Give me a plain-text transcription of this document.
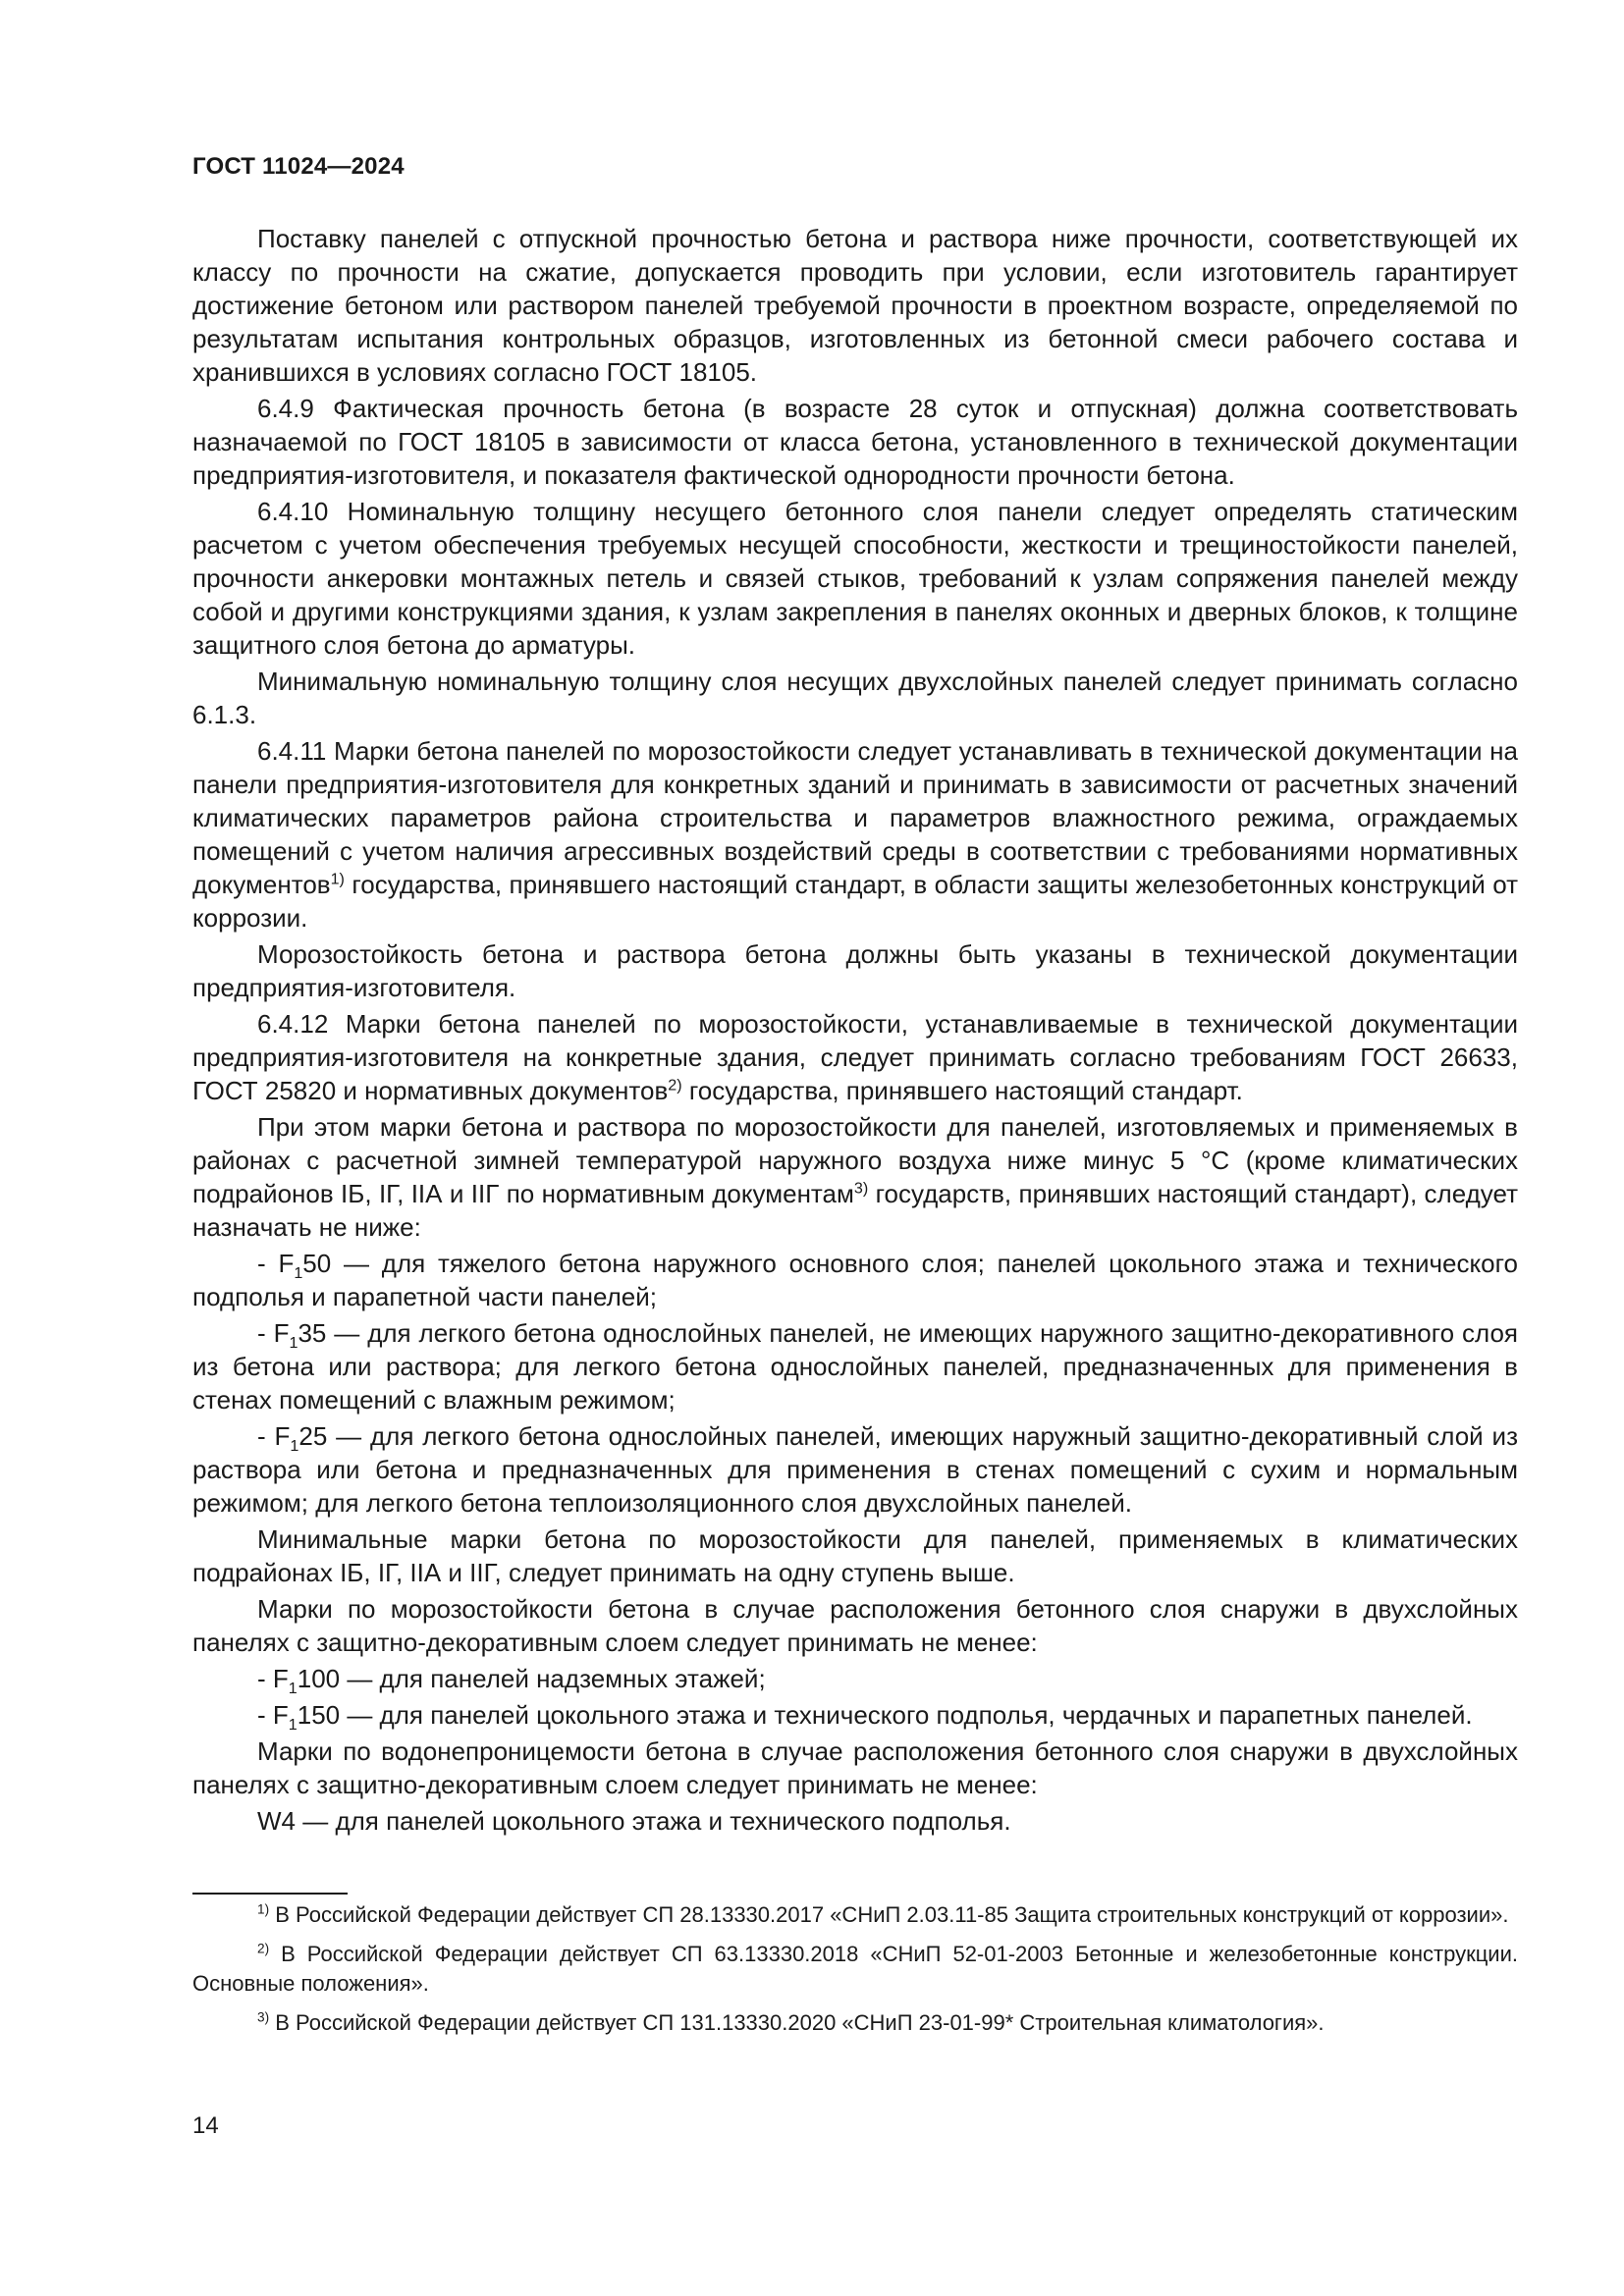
ГОСТ 11024—2024

Поставку панелей с отпускной прочностью бетона и раствора ниже прочности, соответствующей их классу по прочности на сжатие, допускается проводить при условии, если изготовитель гарантирует достижение бетоном или раствором панелей требуемой прочности в проектном возрасте, определяемой по результатам испытания контрольных образцов, изготовленных из бетонной смеси рабочего состава и хранившихся в условиях согласно ГОСТ 18105.

6.4.9 Фактическая прочность бетона (в возрасте 28 суток и отпускная) должна соответствовать назначаемой по ГОСТ 18105 в зависимости от класса бетона, установленного в технической документации предприятия-изготовителя, и показателя фактической однородности прочности бетона.

6.4.10 Номинальную толщину несущего бетонного слоя панели следует определять статическим расчетом с учетом обеспечения требуемых несущей способности, жесткости и трещиностойкости панелей, прочности анкеровки монтажных петель и связей стыков, требований к узлам сопряжения панелей между собой и другими конструкциями здания, к узлам закрепления в панелях оконных и дверных блоков, к толщине защитного слоя бетона до арматуры.

Минимальную номинальную толщину слоя несущих двухслойных панелей следует принимать согласно 6.1.3.

6.4.11 Марки бетона панелей по морозостойкости следует устанавливать в технической документации на панели предприятия-изготовителя для конкретных зданий и принимать в зависимости от расчетных значений климатических параметров района строительства и параметров влажностного режима, ограждаемых помещений с учетом наличия агрессивных воздействий среды в соответствии с требованиями нормативных документов$^{1)}$ государства, принявшего настоящий стандарт, в области защиты железобетонных конструкций от коррозии.

Морозостойкость бетона и раствора бетона должны быть указаны в технической документации предприятия-изготовителя.

6.4.12 Марки бетона панелей по морозостойкости, устанавливаемые в технической документации предприятия-изготовителя на конкретные здания, следует принимать согласно требованиям ГОСТ 26633, ГОСТ 25820 и нормативных документов$^{2)}$ государства, принявшего настоящий стандарт.

При этом марки бетона и раствора по морозостойкости для панелей, изготовляемых и применяемых в районах с расчетной зимней температурой наружного воздуха ниже минус 5 °С (кроме климатических подрайонов IБ, IГ, IIА и IIГ по нормативным документам$^{3)}$ государств, принявших настоящий стандарт), следует назначать не ниже:

- $F_150$ — для тяжелого бетона наружного основного слоя; панелей цокольного этажа и технического подполья и парапетной части панелей;

- $F_135$ — для легкого бетона однослойных панелей, не имеющих наружного защитно-декоративного слоя из бетона или раствора; для легкого бетона однослойных панелей, предназначенных для применения в стенах помещений с влажным режимом;

- $F_125$ — для легкого бетона однослойных панелей, имеющих наружный защитно-декоративный слой из раствора или бетона и предназначенных для применения в стенах помещений с сухим и нормальным режимом; для легкого бетона теплоизоляционного слоя двухслойных панелей.

Минимальные марки бетона по морозостойкости для панелей, применяемых в климатических подрайонах IБ, IГ, IIА и IIГ, следует принимать на одну ступень выше.

Марки по морозостойкости бетона в случае расположения бетонного слоя снаружи в двухслойных панелях с защитно-декоративным слоем следует принимать не менее:

- $F_1100$ — для панелей надземных этажей;

- $F_1150$ — для панелей цокольного этажа и технического подполья, чердачных и парапетных панелей.

Марки по водонепроницемости бетона в случае расположения бетонного слоя снаружи в двухслойных панелях с защитно-декоративным слоем следует принимать не менее:

W4 — для панелей цокольного этажа и технического подполья.

$^{1)}$ В Российской Федерации действует СП 28.13330.2017 «СНиП 2.03.11-85 Защита строительных конструкций от коррозии».

$^{2)}$ В Российской Федерации действует СП 63.13330.2018 «СНиП 52-01-2003 Бетонные и железобетонные конструкции. Основные положения».

$^{3)}$ В Российской Федерации действует СП 131.13330.2020 «СНиП 23-01-99* Строительная климатология».

14
